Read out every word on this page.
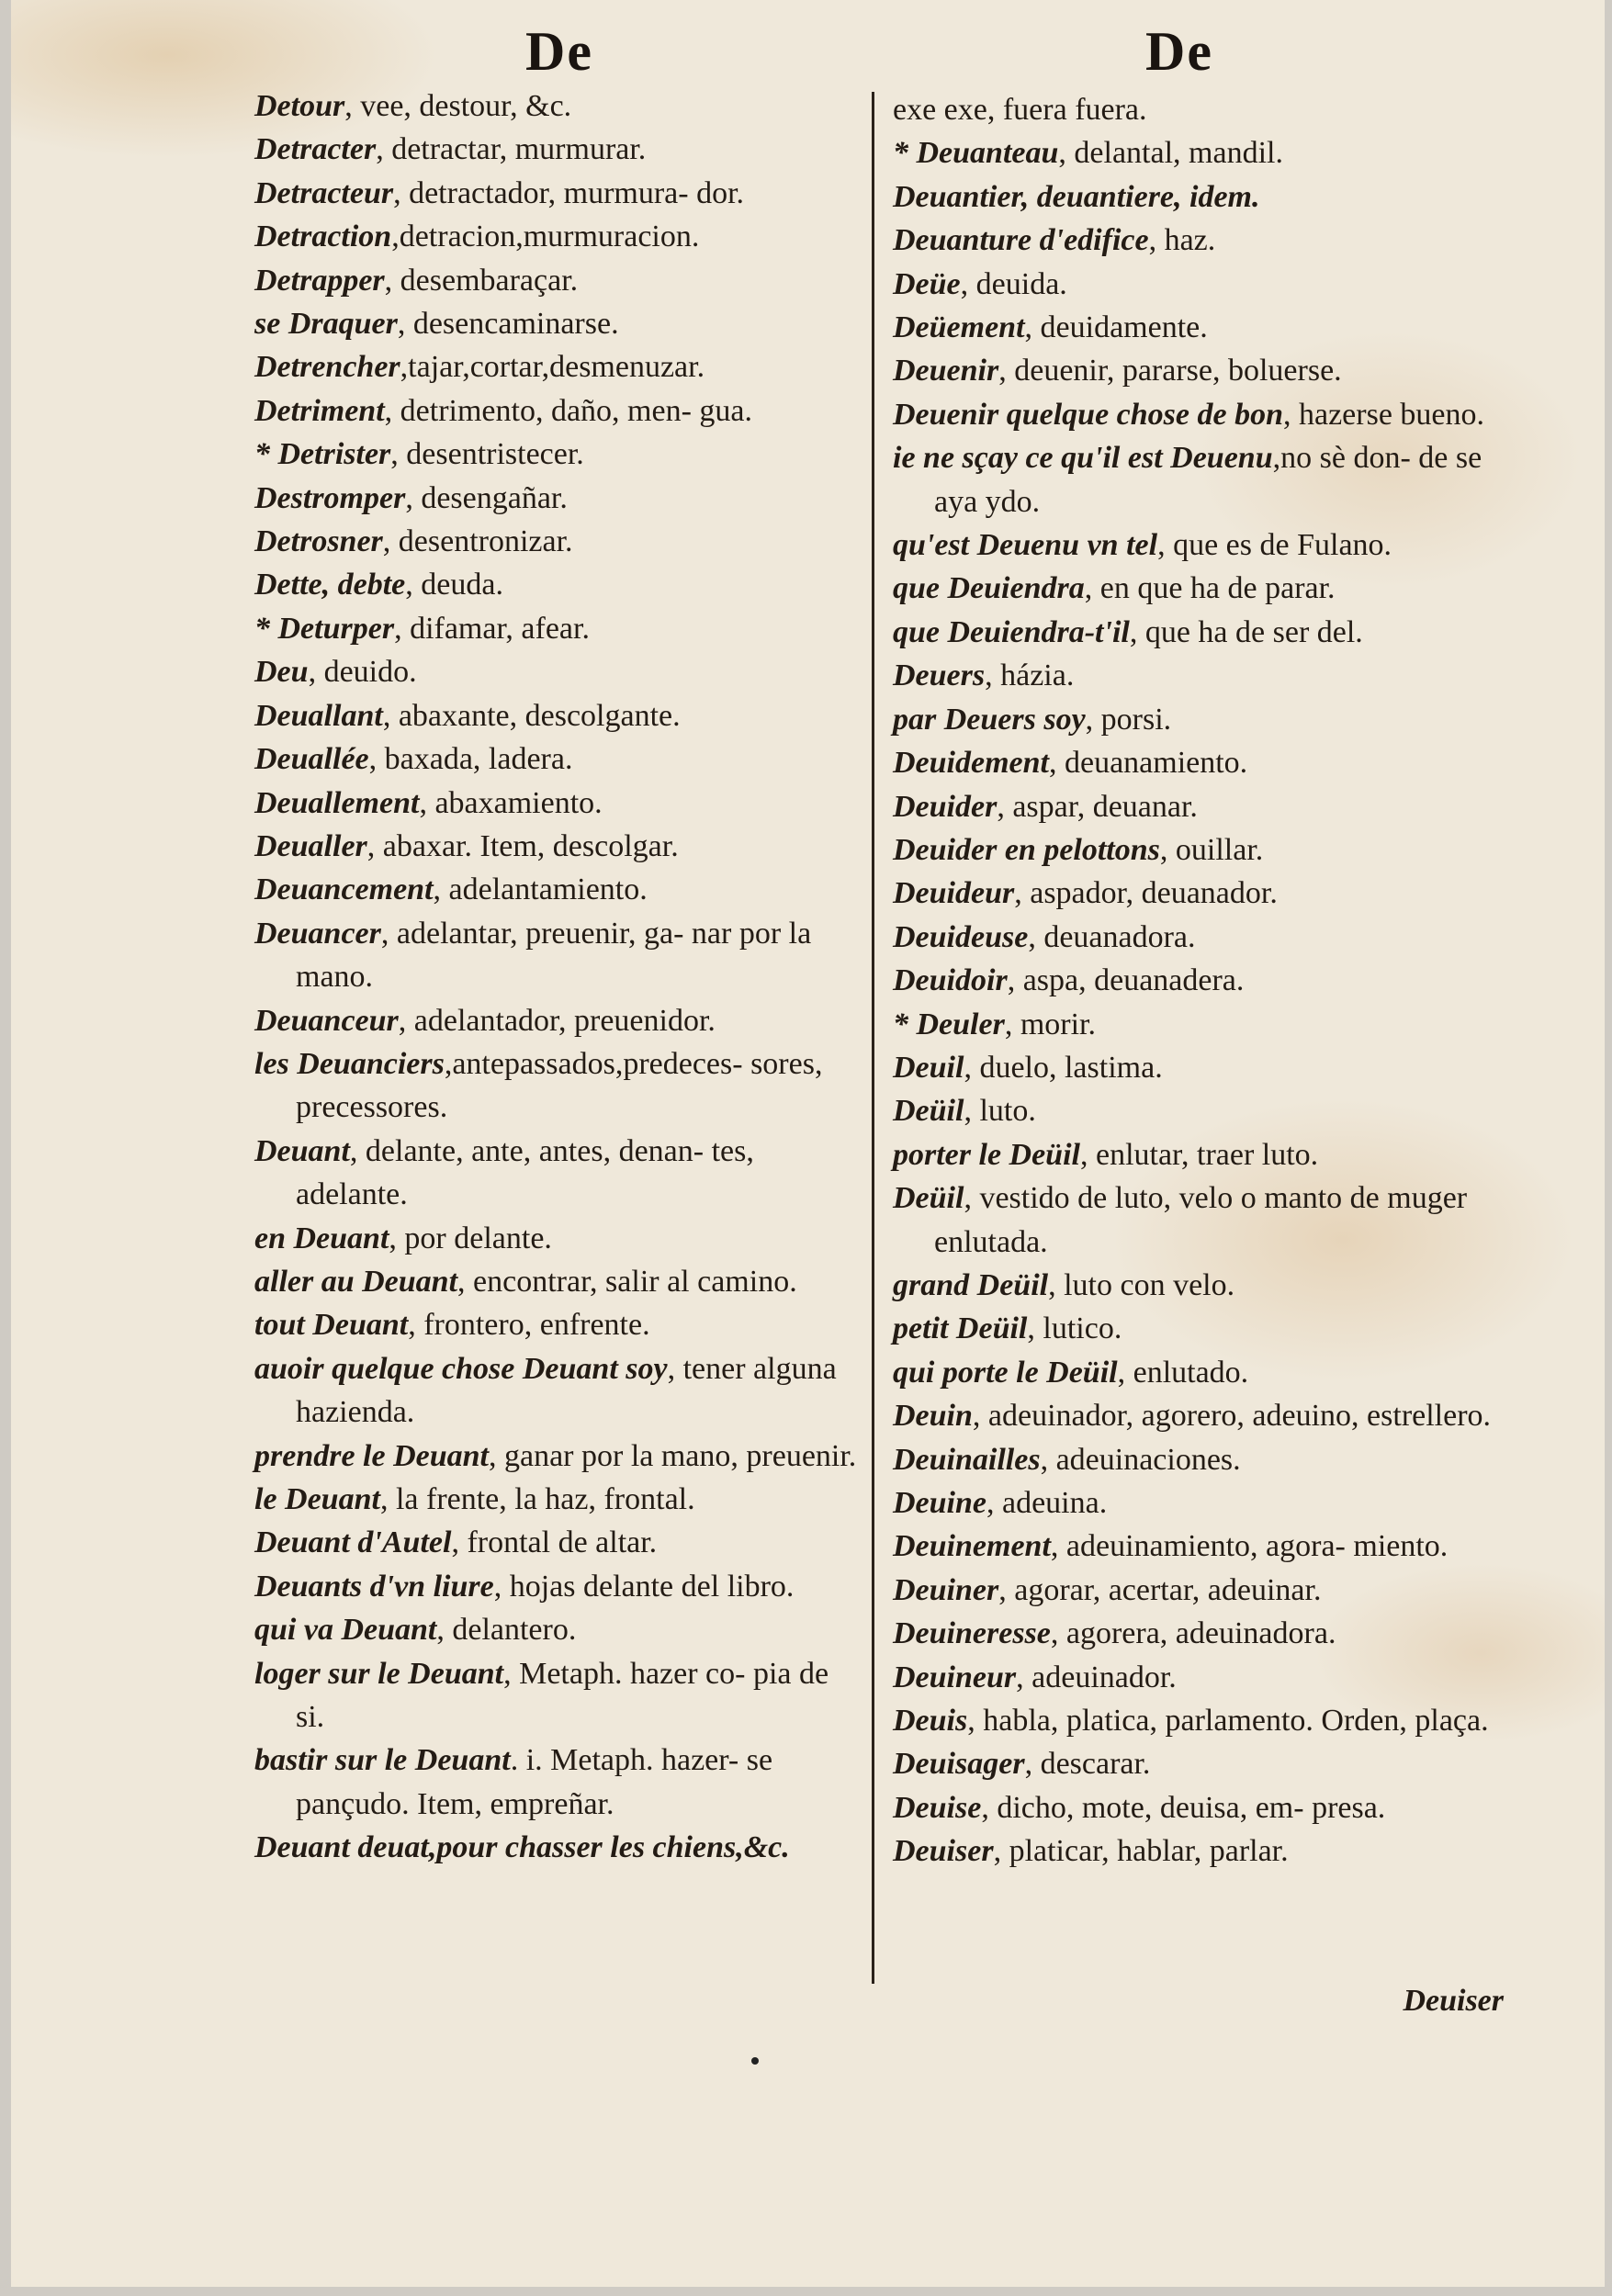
De	De

Detour, vee, destour, &c.

Detracter, detractar, murmurar.

Detracteur, detractador, murmura- dor.

Detraction,detracion,murmuracion.

Detrapper, desembaraçar.

se Draquer, desencaminarse.

Detrencher,tajar,cortar,desmenuzar.

Detriment, detrimento, daño, men- gua.

* Detrister, desentristecer.

Destromper, desengañar.

Detrosner, desentronizar.

Dette, debte, deuda.

* Deturper, difamar, afear.

Deu, deuido.

Deuallant, abaxante, descolgante.

Deuallée, baxada, ladera.

Deuallement, abaxamiento.

Deualler, abaxar. Item, descolgar.

Deuancement, adelantamiento.

Deuancer, adelantar, preuenir, ga- nar por la mano.

Deuanceur, adelantador, preuenidor.

les Deuanciers,antepassados,predeces- sores, precessores.

Deuant, delante, ante, antes, denan- tes, adelante.

en Deuant, por delante.

aller au Deuant, encontrar, salir al camino.

tout Deuant, frontero, enfrente.

auoir quelque chose Deuant soy, tener alguna hazienda.

prendre le Deuant, ganar por la mano, preuenir.

le Deuant, la frente, la haz, frontal.

Deuant d'Autel, frontal de altar.

Deuants d'vn liure, hojas delante del libro.

qui va Deuant, delantero.

loger sur le Deuant, Metaph. hazer co- pia de si.

bastir sur le Deuant. i. Metaph. hazer- se pançudo. Item, empreñar.

Deuant deuat,pour chasser les chiens,&c.

exe exe, fuera fuera.

* Deuanteau, delantal, mandil.

Deuantier, deuantiere, idem.

Deuanture d'edifice, haz.

Deüe, deuida.

Deüement, deuidamente.

Deuenir, deuenir, pararse, boluerse.

Deuenir quelque chose de bon, hazerse bueno.

ie ne sçay ce qu'il est Deuenu,no sè don- de se aya ydo.

qu'est Deuenu vn tel, que es de Fulano.

que Deuiendra, en que ha de parar.

que Deuiendra-t'il, que ha de ser del.

Deuers, házia.

par Deuers soy, porsi.

Deuidement, deuanamiento.

Deuider, aspar, deuanar.

Deuider en pelottons, ouillar.

Deuideur, aspador, deuanador.

Deuideuse, deuanadora.

Deuidoir, aspa, deuanadera.

* Deuler, morir.

Deuil, duelo, lastima.

Deüil, luto.

porter le Deüil, enlutar, traer luto.

Deüil, vestido de luto, velo o manto de muger enlutada.

grand Deüil, luto con velo.

petit Deüil, lutico.

qui porte le Deüil, enlutado.

Deuin, adeuinador, agorero, adeuino, estrellero.

Deuinailles, adeuinaciones.

Deuine, adeuina.

Deuinement, adeuinamiento, agora- miento.

Deuiner, agorar, acertar, adeuinar.

Deuineresse, agorera, adeuinadora.

Deuineur, adeuinador.

Deuis, habla, platica, parlamento. Orden, plaça.

Deuisager, descarar.

Deuise, dicho, mote, deuisa, em- presa.

Deuiser, platicar, hablar, parlar.

Deuiser
